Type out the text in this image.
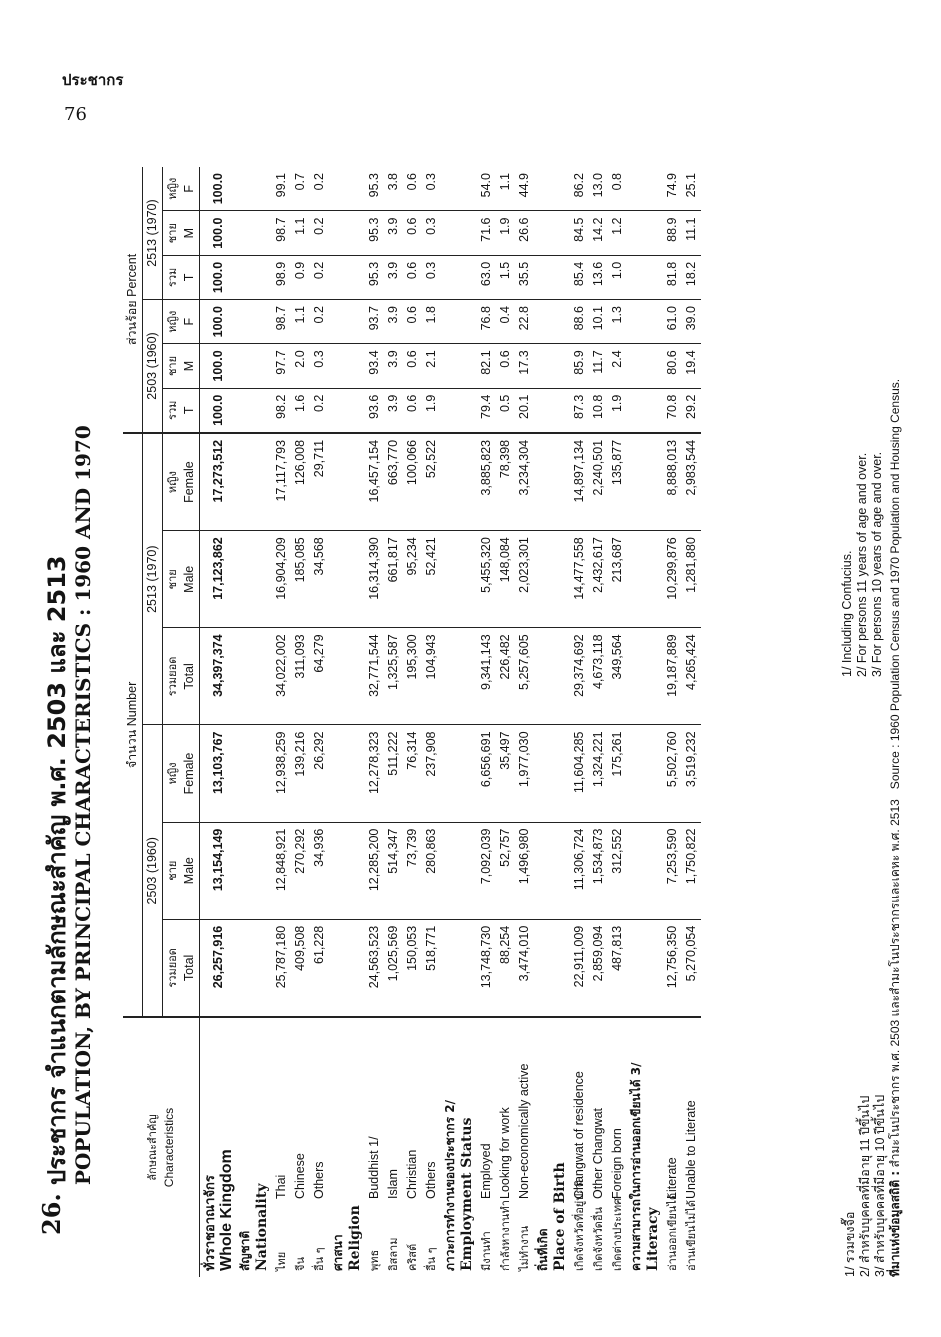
ประชากร
76
26.
ประชากร จำแนกตามลักษณะสำคัญ พ.ศ. 2503 และ 2513 POPULATION, BY PRINCIPAL CHARACTERISTICS : 1960 AND 1970	ลักษณะสำคัญ Characteristics	จำนวน Number						ส่วนร้อย Percent					
	2503 (1960)			2513 (1970)			2503 (1960)			2513 (1970)		

	รวมยอด Total	ชาย Male	หญิง Female	รวมยอด Total	ชาย Male	หญิง Female	รวม T	ชาย M	หญิง F	รวม T	ชาย M	หญิง F

ทั่วราชอาณาจักร Whole Kingdom	26,257,916	13,154,149	13,103,767	34,397,374	17,123,862	17,273,512	100.0	100.0	100.0	100.0	100.0	100.0

สัญชาติ Nationality												
ไทยThai	25,787,180	12,848,921	12,938,259	34,022,002	16,904,209	17,117,793	98.2	97.7	98.7	98.9	98.7	99.1
จีนChinese	409,508	270,292	139,216	311,093	185,085	126,008	1.6	2.0	1.1	0.9	1.1	0.7
อื่น ๆOthers	61,228	34,936	26,292	64,279	34,568	29,711	0.2	0.3	0.2	0.2	0.2	0.2

ศาสนา Religion												
พุทธBuddhist 1/	24,563,523	12,285,200	12,278,323	32,771,544	16,314,390	16,457,154	93.6	93.4	93.7	95.3	95.3	95.3
อิสลามIslam	1,025,569	514,347	511,222	1,325,587	661,817	663,770	3.9	3.9	3.9	3.9	3.9	3.8
คริสต์Christian	150,053	73,739	76,314	195,300	95,234	100,066	0.6	0.6	0.6	0.6	0.6	0.6
อื่น ๆOthers	518,771	280,863	237,908	104,943	52,421	52,522	1.9	2.1	1.8	0.3	0.3	0.3

ภาวะการทำงานของประชากร 2/ Employment Status												
มีงานทำEmployed	13,748,730	7,092,039	6,656,691	9,341,143	5,455,320	3,885,823	79.4	82.1	76.8	63.0	71.6	54.0
กำลังหางานทำLooking for work	88,254	52,757	35,497	226,482	148,084	78,398	0.5	0.6	0.4	1.5	1.9	1.1
ไม่ทำงานNon-economically active	3,474,010	1,496,980	1,977,030	5,257,605	2,023,301	3,234,304	20.1	17.3	22.8	35.5	26.6	44.9

ถิ่นที่เกิด Place of Birth												
เกิดจังหวัดที่อยู่ปกติChangwat of residence	22,911,009	11,306,724	11,604,285	29,374,692	14,477,558	14,897,134	87.3	85.9	88.6	85.4	84.5	86.2
เกิดจังหวัดอื่นOther Changwat	2,859,094	1,534,873	1,324,221	4,673,118	2,432,617	2,240,501	10.8	11.7	10.1	13.6	14.2	13.0
เกิดต่างประเทศForeign born	487,813	312,552	175,261	349,564	213,687	135,877	1.9	2.4	1.3	1.0	1.2	0.8

ความสามารถในการอ่านออกเขียนได้ 3/ Literacy												
อ่านออกเขียนได้Literate	12,756,350	7,253,590	5,502,760	19,187,889	10,299,876	8,888,013	70.8	80.6	61.0	81.8	88.9	74.9
อ่านเขียนไม่ได้Unable to Literate	5,270,054	1,750,822	3,519,232	4,265,424	1,281,880	2,983,544	29.2	19.4	39.0	18.2	11.1	25.1
1/ รวมขงจื๊อ 2/ สำหรับบุคคลที่มีอายุ 11 ปีขึ้นไป 3/ สำหรับบุคคลที่มีอายุ 10 ปีขึ้นไป
1/ Including Confucius. 2/ For persons 11 years of age and over. 3/ For persons 10 years of age and over.
ที่มาแห่งข้อมูลสถิติ : สำมะโนประชากร พ.ศ. 2503 และสำมะโนประชากรและเคหะ พ.ศ. 2513   Source : 1960 Population Census and 1970 Population and Housing Census.
